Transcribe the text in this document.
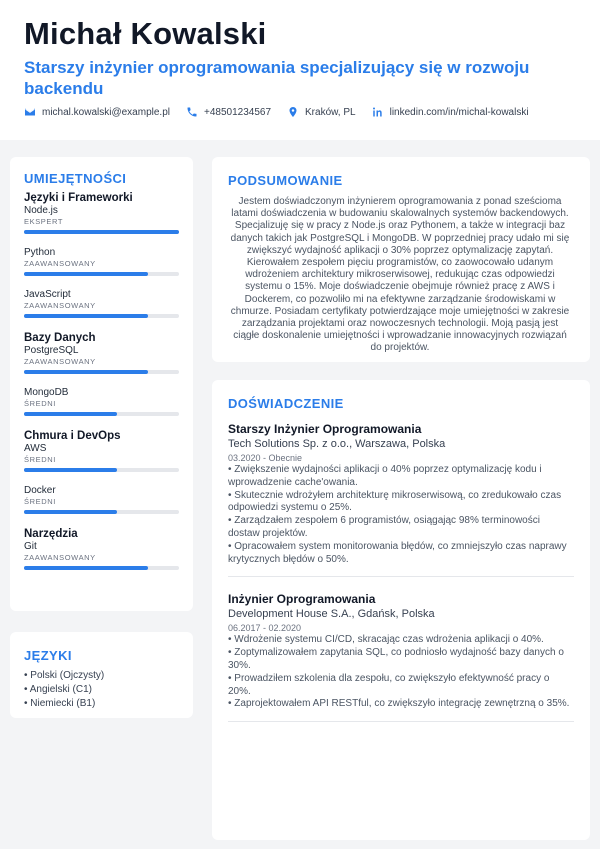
Michał Kowalski
Starszy inżynier oprogramowania specjalizujący się w rozwoju backendu
michal.kowalski@example.pl	+48501234567	Kraków, PL	linkedin.com/in/michal-kowalski
UMIEJĘTNOŚCI
Języki i Frameworki
Node.js
EKSPERT
Python
ZAAWANSOWANY
JavaScript
ZAAWANSOWANY
Bazy Danych
PostgreSQL
ZAAWANSOWANY
MongoDB
ŚREDNI
Chmura i DevOps
AWS
ŚREDNI
Docker
ŚREDNI
Narzędzia
Git
ZAAWANSOWANY
JĘZYKI
• Polski (Ojczysty)
• Angielski (C1)
• Niemiecki (B1)
PODSUMOWANIE
Jestem doświadczonym inżynierem oprogramowania z ponad sześcioma latami doświadczenia w budowaniu skalowalnych systemów backendowych. Specjalizuję się w pracy z Node.js oraz Pythonem, a także w integracji baz danych takich jak PostgreSQL i MongoDB. W poprzedniej pracy udało mi się zwiększyć wydajność aplikacji o 30% poprzez optymalizację zapytań. Kierowałem zespołem pięciu programistów, co zaowocowało udanym wdrożeniem architektury mikroserwisowej, redukując czas odpowiedzi systemu o 15%. Moje doświadczenie obejmuje również pracę z AWS i Dockerem, co pozwoliło mi na efektywne zarządzanie środowiskami w chmurze. Posiadam certyfikaty potwierdzające moje umiejętności w zakresie zarządzania projektami oraz nowoczesnych technologii. Moją pasją jest ciągłe doskonalenie umiejętności i wprowadzanie innowacyjnych rozwiązań do projektów.
DOŚWIADCZENIE
Starszy Inżynier Oprogramowania
Tech Solutions Sp. z o.o., Warszawa, Polska
03.2020 - Obecnie
• Zwiększenie wydajności aplikacji o 40% poprzez optymalizację kodu i wprowadzenie cache'owania.
• Skutecznie wdrożyłem architekturę mikroserwisową, co zredukowało czas odpowiedzi systemu o 25%.
• Zarządzałem zespołem 6 programistów, osiągając 98% terminowości dostaw projektów.
• Opracowałem system monitorowania błędów, co zmniejszyło czas naprawy krytycznych błędów o 50%.
Inżynier Oprogramowania
Development House S.A., Gdańsk, Polska
06.2017 - 02.2020
• Wdrożenie systemu CI/CD, skracając czas wdrożenia aplikacji o 40%.
• Zoptymalizowałem zapytania SQL, co podniosło wydajność bazy danych o 30%.
• Prowadziłem szkolenia dla zespołu, co zwiększyło efektywność pracy o 20%.
• Zaprojektowałem API RESTful, co zwiększyło integrację zewnętrzną o 35%.
